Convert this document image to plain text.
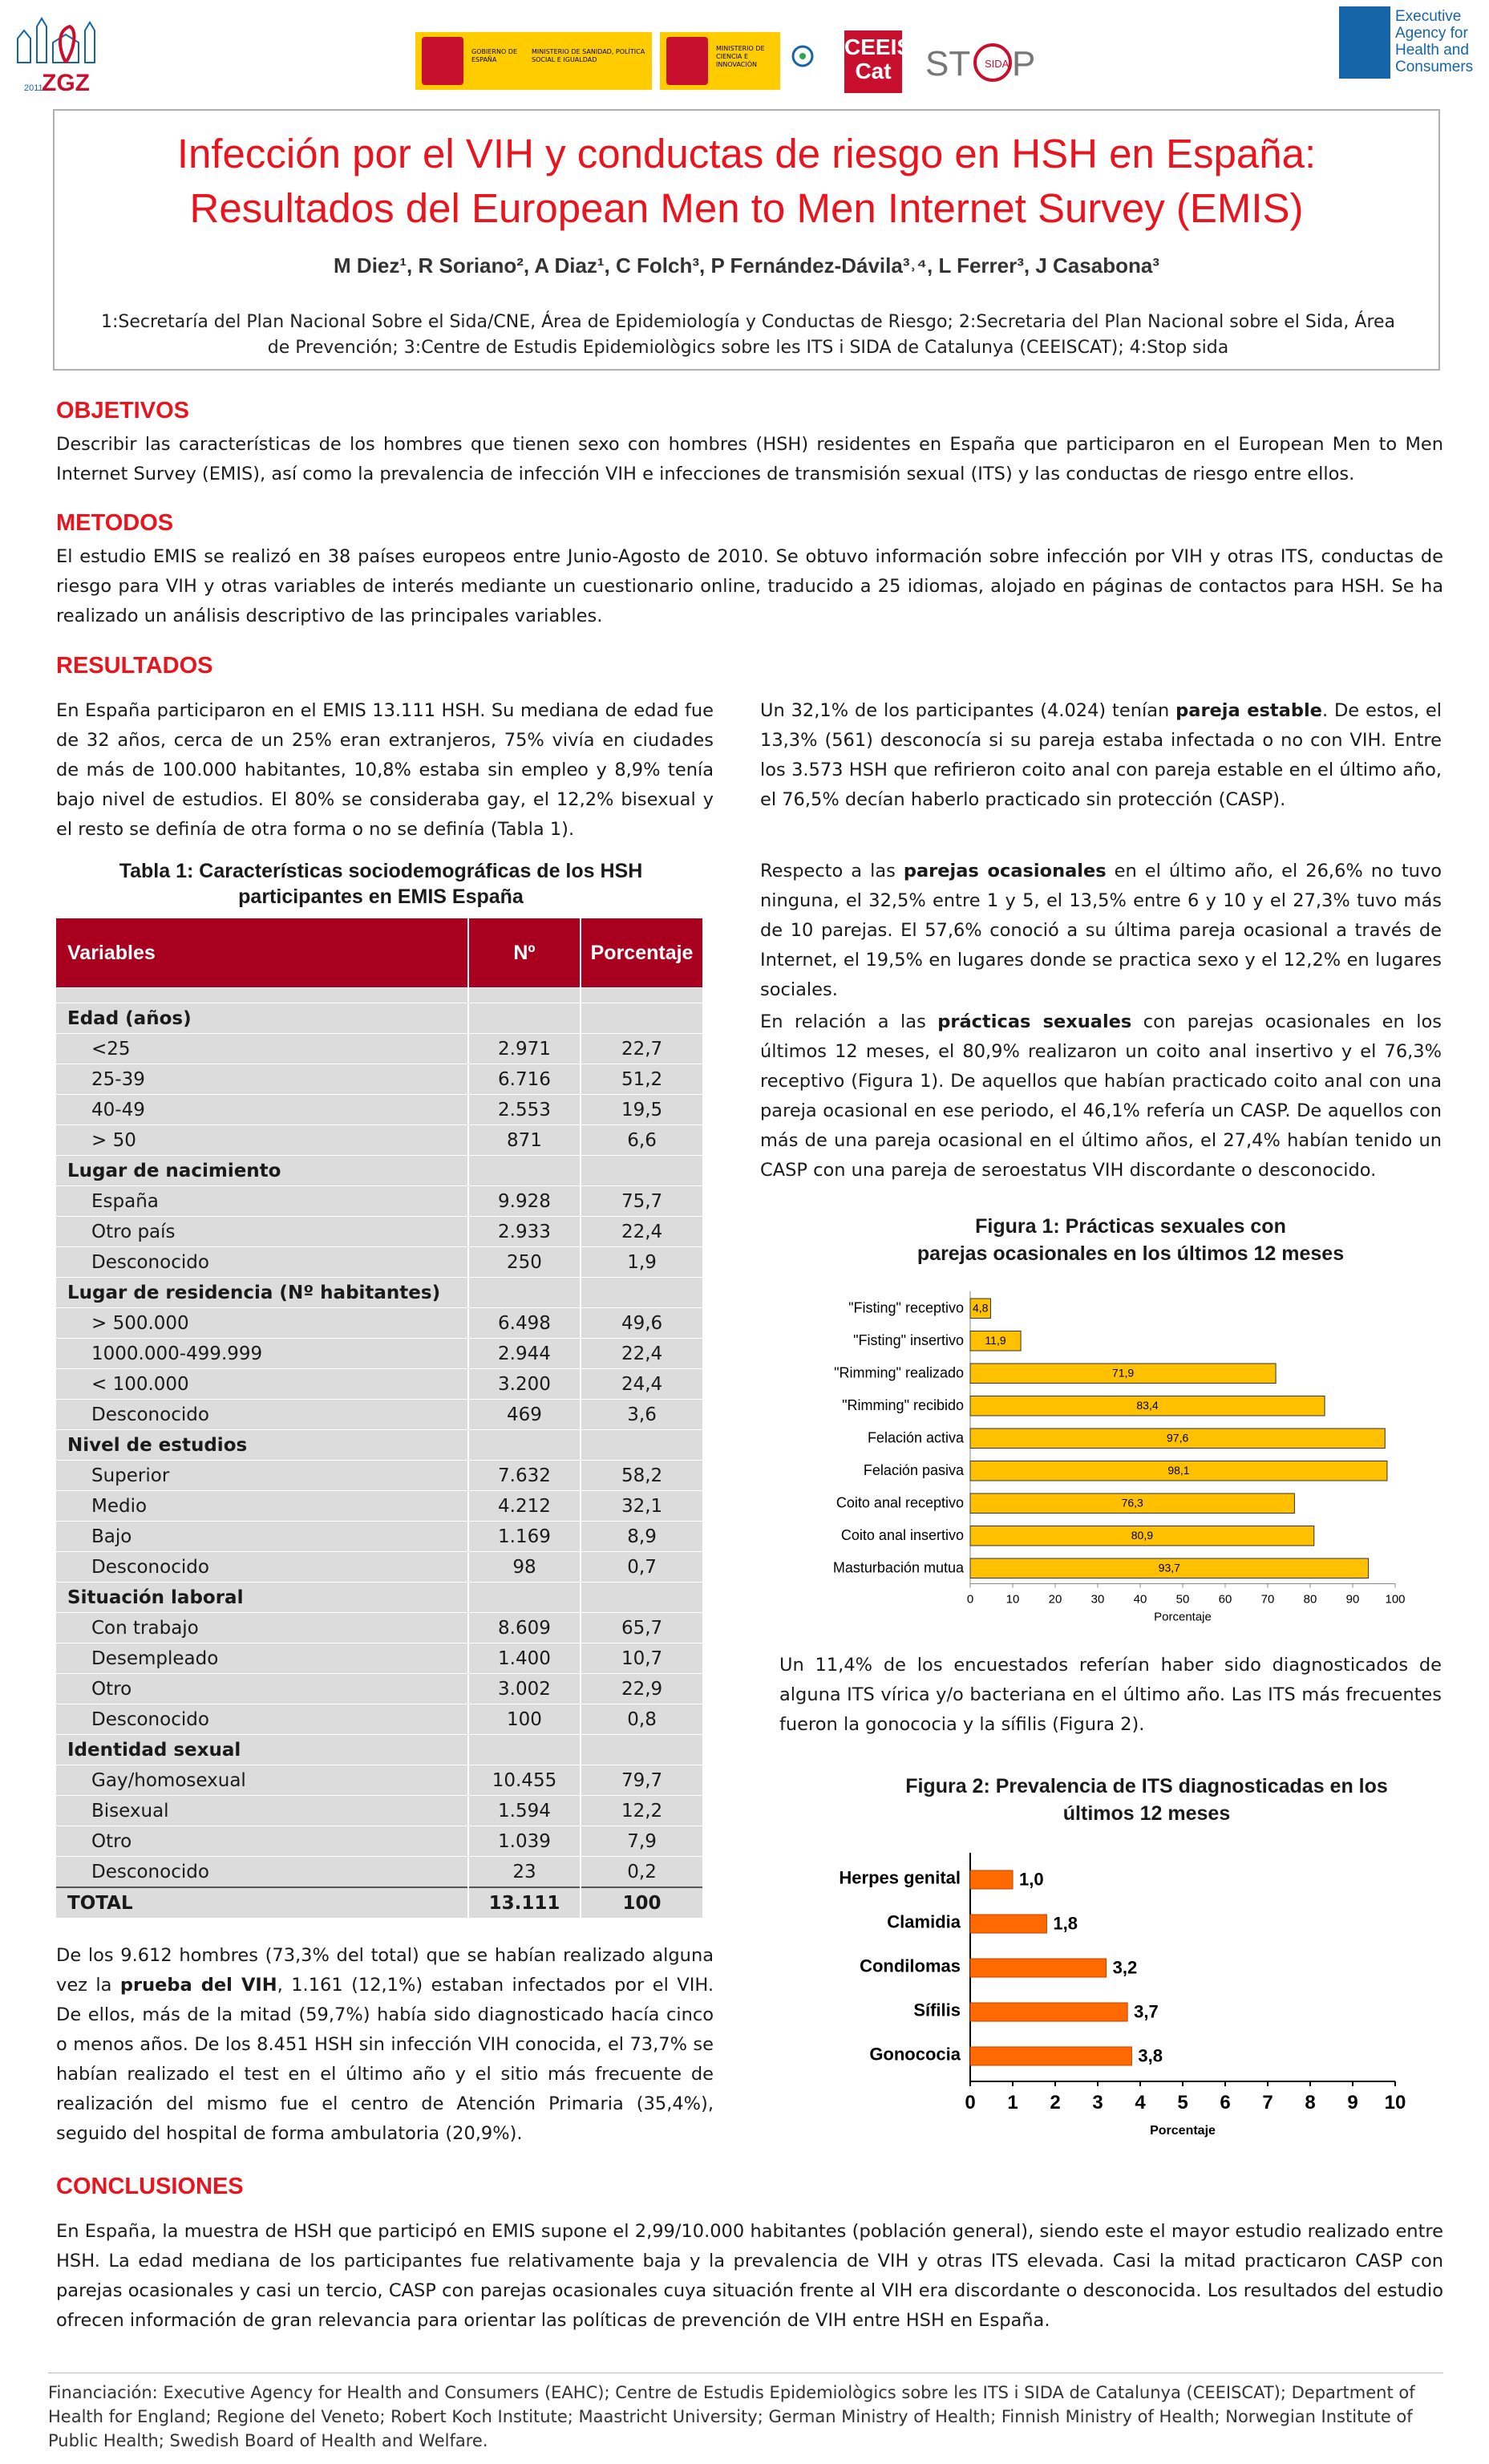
2011
ZGZ
GOBIERNO DE ESPAÑA
MINISTERIO DE SANIDAD, POLÍTICA SOCIAL E IGUALDAD
MINISTERIO DE CIENCIA E INNOVACIÓN
CEEIS
Cat ST SIDA P
Executive Agency for Health and Consumers
Infección por el VIH y conductas de riesgo en HSH en España:
Resultados del European Men to Men Internet Survey (EMIS)
M Diez¹, R Soriano², A Diaz¹, C Folch³, P Fernández-Dávila³˒⁴, L Ferrer³, J Casabona³
1:Secretaría del Plan Nacional Sobre el Sida/CNE, Área de Epidemiología y Conductas de Riesgo; 2:Secretaria del Plan Nacional sobre el Sida, Área
de Prevención; 3:Centre de Estudis Epidemiològics sobre les ITS i SIDA de Catalunya (CEEISCAT); 4:Stop sida
OBJETIVOS
Describir las características de los hombres que tienen sexo con hombres (HSH) residentes en España que participaron en el European Men to Men Internet Survey (EMIS), así como la prevalencia de infección VIH e infecciones de transmisión sexual (ITS) y las conductas de riesgo entre ellos.
METODOS
El estudio EMIS se realizó en 38 países europeos entre Junio-Agosto de 2010. Se obtuvo información sobre infección por VIH y otras ITS, conductas de riesgo para VIH y otras variables de interés mediante un cuestionario online, traducido a 25 idiomas, alojado en páginas de contactos para HSH. Se ha realizado un análisis descriptivo de las principales variables.
RESULTADOS
En España participaron en el EMIS 13.111 HSH. Su mediana de edad fue de 32 años, cerca de un 25% eran extranjeros, 75% vivía en ciudades de más de 100.000 habitantes, 10,8% estaba sin empleo y 8,9% tenía bajo nivel de estudios. El 80% se consideraba gay, el 12,2% bisexual y el resto se definía de otra forma o no se definía (Tabla 1).
Tabla 1: Características sociodemográficas de los HSH
participantes en EMIS España
Variables	Nº	Porcentaje

Edad (años)		
<25	2.971	22,7
25-39	6.716	51,2
40-49	2.553	19,5
> 50	871	6,6
Lugar de nacimiento		
España	9.928	75,7
Otro país	2.933	22,4
Desconocido	250	1,9
Lugar de residencia (Nº habitantes)		
> 500.000	6.498	49,6
1000.000-499.999	2.944	22,4
< 100.000	3.200	24,4
Desconocido	469	3,6
Nivel de estudios		
Superior	7.632	58,2
Medio	4.212	32,1
Bajo	1.169	8,9
Desconocido	98	0,7
Situación laboral		
Con trabajo	8.609	65,7
Desempleado	1.400	10,7
Otro	3.002	22,9
Desconocido	100	0,8
Identidad sexual		
Gay/homosexual	10.455	79,7
Bisexual	1.594	12,2
Otro	1.039	7,9
Desconocido	23	0,2
TOTAL	13.111	100
De los 9.612 hombres (73,3% del total) que se habían realizado alguna vez la prueba del VIH, 1.161 (12,1%) estaban infectados por el VIH. De ellos, más de la mitad (59,7%) había sido diagnosticado hacía cinco o menos años. De los 8.451 HSH sin infección VIH conocida, el 73,7% se habían realizado el test en el último año y el sitio más frecuente de realización del mismo fue el centro de Atención Primaria (35,4%), seguido del hospital de forma ambulatoria (20,9%).
Un 32,1% de los participantes (4.024) tenían pareja estable. De estos, el 13,3% (561) desconocía si su pareja estaba infectada o no con VIH. Entre los 3.573 HSH que refirieron coito anal con pareja estable en el último año, el 76,5% decían haberlo practicado sin protección (CASP).
Respecto a las parejas ocasionales en el último año, el 26,6% no tuvo ninguna, el 32,5% entre 1 y 5, el 13,5% entre 6 y 10 y el 27,3% tuvo más de 10 parejas. El 57,6% conoció a su última pareja ocasional a través de Internet, el 19,5% en lugares donde se practica sexo y el 12,2% en lugares sociales.
En relación a las prácticas sexuales con parejas ocasionales en los últimos 12 meses, el 80,9% realizaron un coito anal insertivo y el 76,3% receptivo (Figura 1). De aquellos que habían practicado coito anal con una pareja ocasional en ese periodo, el 46,1% refería un CASP. De aquellos con más de una pareja ocasional en el último años, el 27,4% habían tenido un CASP con una pareja de seroestatus VIH discordante o desconocido.
Figura 1: Prácticas sexuales con
parejas ocasionales en los últimos 12 meses
"Fisting" receptivo 4,8
"Fisting" insertivo 11,9
"Rimming" realizado	71,9
"Rimming" recibido	83,4
Felación activa	97,6
Felación pasiva	98,1
Coito anal receptivo	76,3
Coito anal insertivo	80,9
Masturbación mutua	93,7
0	10 20 30 40 50 60 70 80 90 100
Porcentaje
Un 11,4% de los encuestados referían haber sido diagnosticados de alguna ITS vírica y/o bacteriana en el último año. Las ITS más frecuentes fueron la gonococia y la sífilis (Figura 2).
Figura 2: Prevalencia de ITS diagnosticadas en los
últimos 12 meses
Herpes genital	1,0
Clamidia	1,8
Condilomas	3,2
Sífilis	3,7
Gonococia	3,8
0 1 2 3 4 5 6 7 8 9 10
Porcentaje
CONCLUSIONES
En España, la muestra de HSH que participó en EMIS supone el 2,99/10.000 habitantes (población general), siendo este el mayor estudio realizado entre HSH. La edad mediana de los participantes fue relativamente baja y la prevalencia de VIH y otras ITS elevada. Casi la mitad practicaron CASP con parejas ocasionales y casi un tercio, CASP con parejas ocasionales cuya situación frente al VIH era discordante o desconocida. Los resultados del estudio ofrecen información de gran relevancia para orientar las políticas de prevención de VIH entre HSH en España.
Financiación: Executive Agency for Health and Consumers (EAHC); Centre de Estudis Epidemiològics sobre les ITS i SIDA de Catalunya (CEEISCAT); Department of Health for England; Regione del Veneto; Robert Koch Institute; Maastricht University; German Ministry of Health; Finnish Ministry of Health; Norwegian Institute of Public Health; Swedish Board of Health and Welfare.
